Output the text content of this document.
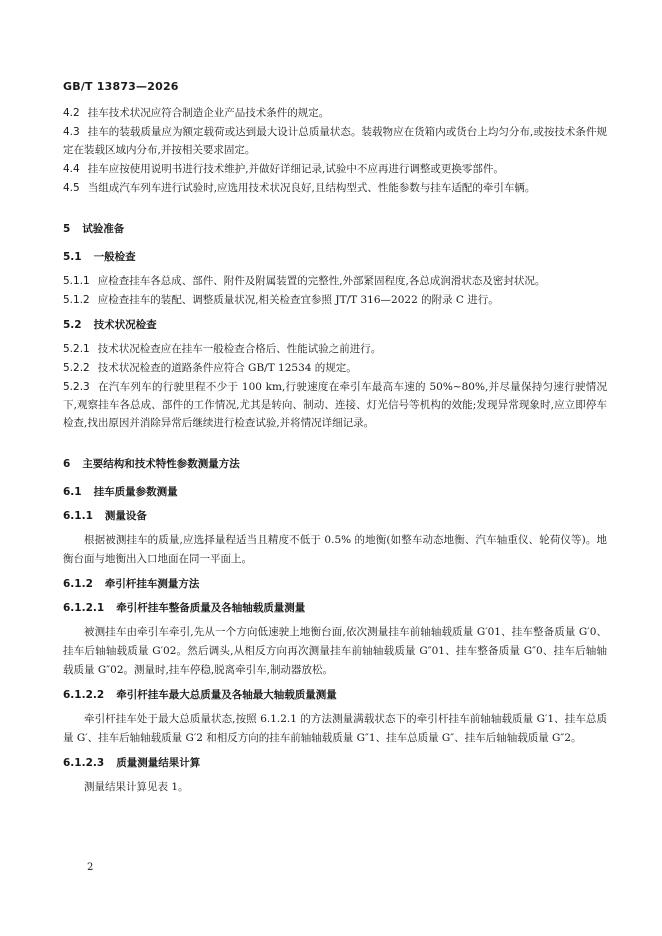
GB/T 13873—2026

4.2 挂车技术状况应符合制造企业产品技术条件的规定。

4.3 挂车的装载质量应为额定载荷或达到最大设计总质量状态。装载物应在货箱内或货台上均匀分布,或按技术条件规定在装载区域内分布,并按相关要求固定。

4.4 挂车应按使用说明书进行技术维护,并做好详细记录,试验中不应再进行调整或更换零部件。

4.5 当组成汽车列车进行试验时,应选用技术状况良好,且结构型式、性能参数与挂车适配的牵引车辆。

5 试验准备

5.1 一般检查

5.1.1 应检查挂车各总成、部件、附件及附属装置的完整性,外部紧固程度,各总成润滑状态及密封状况。

5.1.2 应检查挂车的装配、调整质量状况,相关检查宜参照 JT/T 316—2022 的附录 C 进行。

5.2 技术状况检查

5.2.1 技术状况检查应在挂车一般检查合格后、性能试验之前进行。

5.2.2 技术状况检查的道路条件应符合 GB/T 12534 的规定。

5.2.3 在汽车列车的行驶里程不少于 100 km,行驶速度在牵引车最高车速的 50%~80%,并尽量保持匀速行驶情况下,观察挂车各总成、部件的工作情况,尤其是转向、制动、连接、灯光信号等机构的效能;发现异常现象时,应立即停车检查,找出原因并消除异常后继续进行检查试验,并将情况详细记录。

6 主要结构和技术特性参数测量方法

6.1 挂车质量参数测量

6.1.1 测量设备

根据被测挂车的质量,应选择量程适当且精度不低于 0.5% 的地衡(如整车动态地衡、汽车轴重仪、轮荷仪等)。地衡台面与地衡出入口地面在同一平面上。

6.1.2 牵引杆挂车测量方法

6.1.2.1 牵引杆挂车整备质量及各轴轴载质量测量

被测挂车由牵引车牵引,先从一个方向低速驶上地衡台面,依次测量挂车前轴轴载质量 G′01、挂车整备质量 G′0、挂车后轴轴载质量 G′02。然后调头,从相反方向再次测量挂车前轴轴载质量 G″01、挂车整备质量 G″0、挂车后轴轴载质量 G″02。测量时,挂车停稳,脱离牵引车,制动器放松。

6.1.2.2 牵引杆挂车最大总质量及各轴最大轴载质量测量

牵引杆挂车处于最大总质量状态,按照 6.1.2.1 的方法测量满载状态下的牵引杆挂车前轴轴载质量 G′1、挂车总质量 G′、挂车后轴轴载质量 G′2 和相反方向的挂车前轴轴载质量 G″1、挂车总质量 G″、挂车后轴轴载质量 G″2。

6.1.2.3 质量测量结果计算

测量结果计算见表 1。

2
